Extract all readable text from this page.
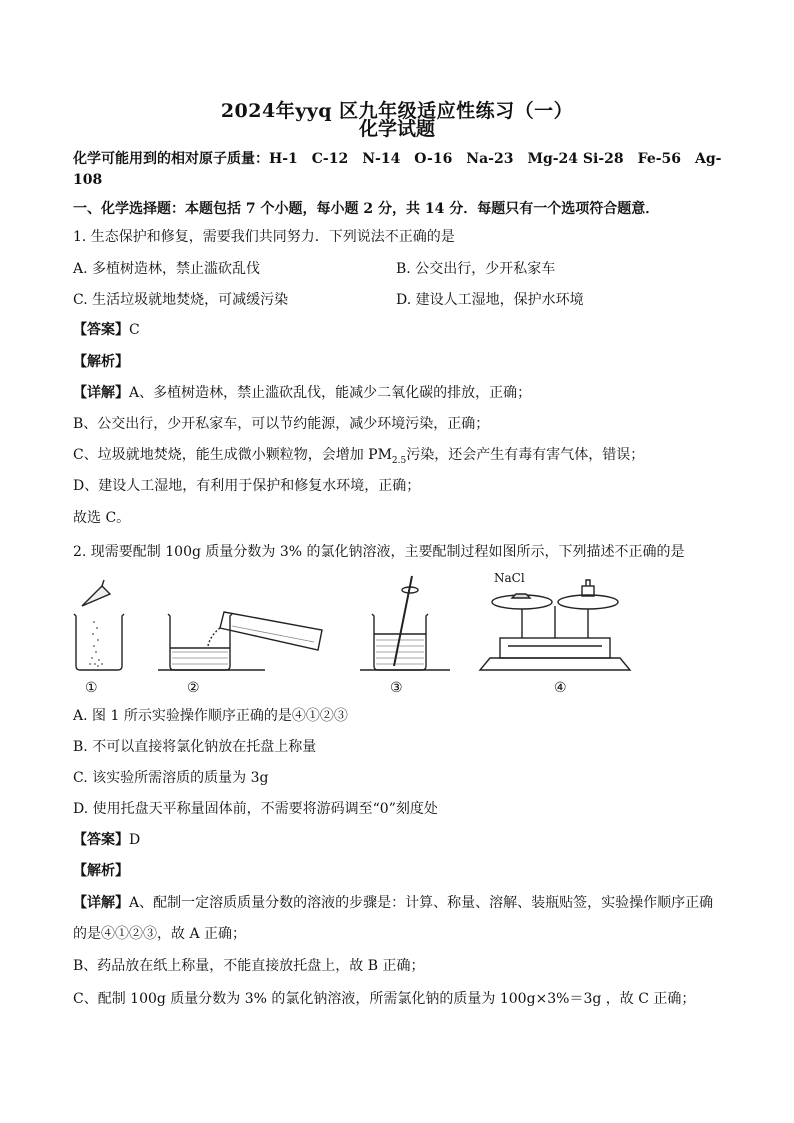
2024年yyq 区九年级适应性练习（一）
化学试题
化学可能用到的相对原子质量：H-1　C-12　N-14　O-16　Na-23　Mg-24 Si-28　Fe-56　Ag-
108
一、化学选择题：本题包括 7 个小题，每小题 2 分，共 14 分．每题只有一个选项符合题意．
1. 生态保护和修复，需要我们共同努力．下列说法不正确的是
A. 多植树造林，禁止滥砍乱伐	B. 公交出行，少开私家车
C. 生活垃圾就地焚烧，可减缓污染	D. 建设人工湿地，保护水环境
【答案】C
【解析】
【详解】A、多植树造林，禁止滥砍乱伐，能减少二氧化碳的排放，正确；
B、公交出行，少开私家车，可以节约能源，减少环境污染，正确；
C、垃圾就地焚烧，能生成微小颗粒物，会增加 $PM_{2.5}$污染，还会产生有毒有害气体，错误；
D、建设人工湿地，有利用于保护和修复水环境，正确；
故选 C。
2. 现需要配制 100g 质量分数为 3% 的氯化钠溶液，主要配制过程如图所示，下列描述不正确的是
NaCl
①	②	③	④
A. 图 1 所示实验操作顺序正确的是④①②③
B. 不可以直接将氯化钠放在托盘上称量
C. 该实验所需溶质的质量为 3g
D. 使用托盘天平称量固体前，不需要将游码调至“0”刻度处
【答案】D
【解析】
【详解】A、配制一定溶质质量分数的溶液的步骤是：计算、称量、溶解、装瓶贴签，实验操作顺序正确
的是④①②③，故 A 正确；
B、药品放在纸上称量，不能直接放托盘上，故 B 正确；
C、配制 100g 质量分数为 3% 的氯化钠溶液，所需氯化钠的质量为 100g×3%＝3g ，故 C 正确；
